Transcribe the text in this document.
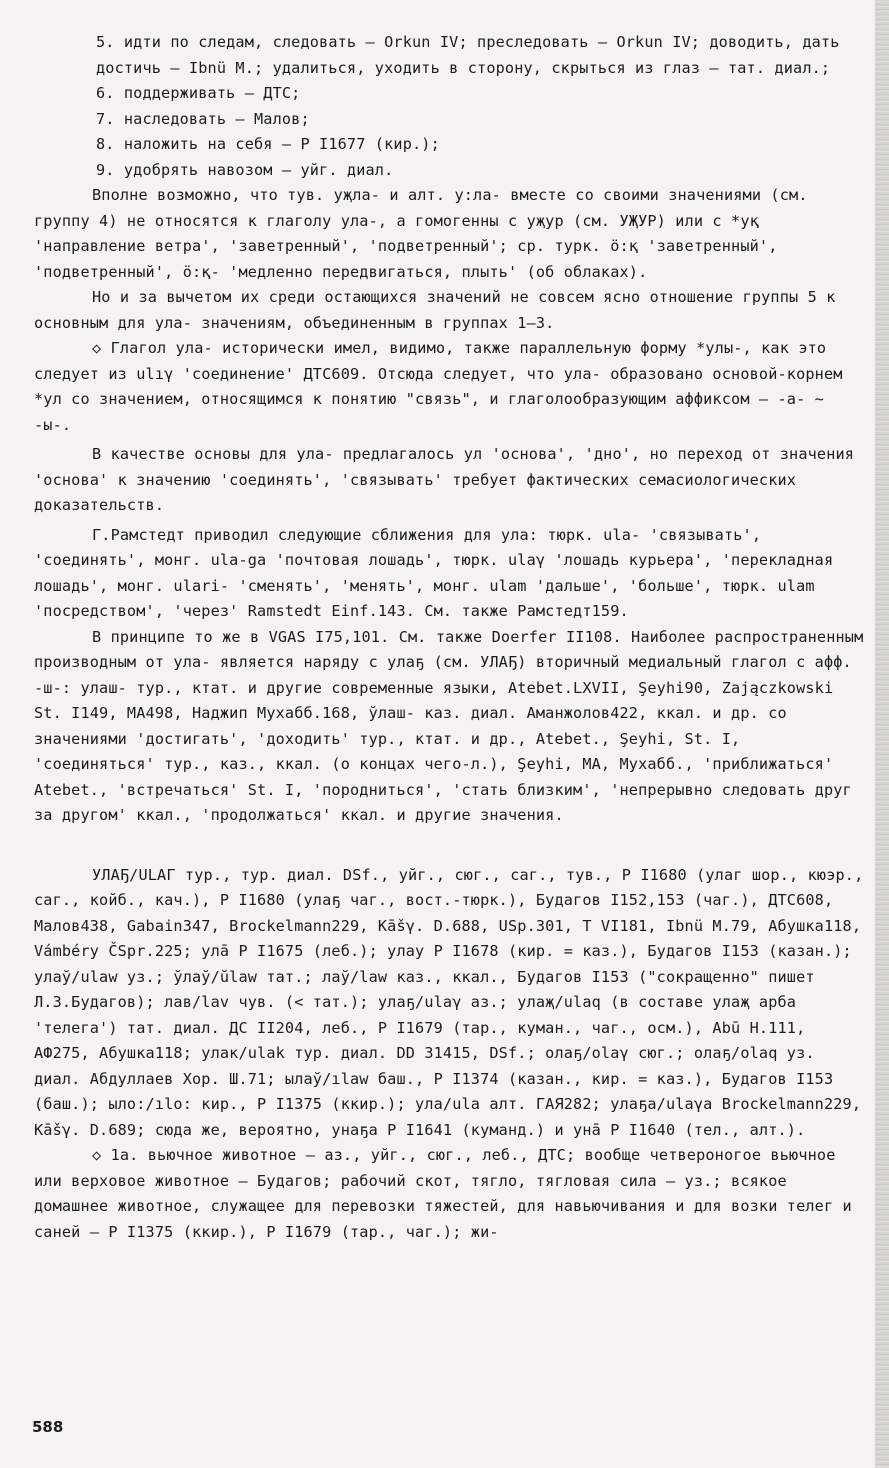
5. идти по следам, следовать – Orkun IV; преследовать – Orkun IV; доводить, дать достичь – Ibnü M.; удалиться, уходить в сторону, скрыться из глаз – тат. диал.;

6. поддерживать – ДТС;

7. наследовать – Малов;

8. наложить на себя – Р I1677 (кир.);

9. удобрять навозом – уйг. диал.

Вполне возможно, что тув. уҗла- и алт. у:ла- вместе со своими значениями (см. группу 4) не относятся к глаголу ула-, а гомогенны с уҗур (см. УҖУР) или с *уқ 'направление ветра', 'заветренный', 'подветренный'; ср. турк. ӧ:қ 'заветренный', 'подветренный', ӧ:қ- 'медленно передвигаться, плыть' (об облаках).

Но и за вычетом их среди остающихся значений не совсем ясно отношение группы 5 к основным для ула- значениям, объединенным в группах 1–3.

◇ Глагол ула- исторически имел, видимо, также параллельную форму *улы-, как это следует из ulıγ 'соединение' ДТС609. Отсюда следует, что ула- образовано основой-корнем *ул со значением, относящимся к понятию "связь", и глаголообразующим аффиксом – -а- ~ -ы-.

В качестве основы для ула- предлагалось ул 'основа', 'дно', но переход от значения 'основа' к значению 'соединять', 'связывать' требует фактических семасиологических доказательств.

Г.Рамстедт приводил следующие сближения для ула: тюрк. ula- 'связывать', 'соединять', монг. ula-ga 'почтовая лошадь', тюрк. ulaγ 'лошадь курьера', 'перекладная лошадь', монг. ulari- 'сменять', 'менять', монг. ulam 'дальше', 'больше', тюрк. ulam 'посредством', 'через' Ramstedt Einf.143. См. также Рамстедт159.

В принципе то же в VGAS I75,101. См. также Doerfer II108. Наиболее распространенным производным от ула- является наряду с улаҕ (см. УЛАҔ) вторичный медиальный глагол с афф. -ш-: улаш- тур., ктат. и другие современные языки, Atebet.LXVII, Şeyhi90, Zajączkowski St. I149, МА498, Наджип Мухабб.168, ўлаш- каз. диал. Аманжолов422, ккал. и др. со значениями 'достигать', 'доходить' тур., ктат. и др., Atebet., Şeyhi, St. I, 'соединяться' тур., каз., ккал. (о концах чего-л.), Şeyhi, МА, Мухабб., 'приближаться' Atebet., 'встречаться' St. I, 'породниться', 'стать близким', 'непрерывно следовать друг за другом' ккал., 'продолжаться' ккал. и другие значения.

УЛАҔ/ULAΓ тур., тур. диал. DSf., уйг., сюг., саг., тув., Р I1680 (улаг шор., кюэр., саг., койб., кач.), Р I1680 (улаҕ чаг., вост.-тюрк.), Будагов I152,153 (чаг.), ДТС608, Малов438, Gabain347, Brockelmann229, Kāšγ. D.688, USp.301, Т VI181, Ibnü M.79, Абушка118, Vámbéry ČSpr.225; улā Р I1675 (леб.); улау Р I1678 (кир. = каз.), Будагов I153 (казан.); улаў/ulaw уз.; ўлаў/ŭlaw тат.; лаў/law каз., ккал., Будагов I153 ("сокращенно" пишет Л.З.Будагов); лав/lav чув. (< тат.); улаҕ/ulaγ аз.; улаҗ/ulaq (в составе улаҗ арба 'телега') тат. диал. ДС II204, леб., Р I1679 (тар., куман., чаг., осм.), Abū H.111, АФ275, Абушка118; улак/ulak тур. диал. DD 31415, DSf.; олаҕ/olaγ сюг.; олаҕ/olaq уз. диал. Абдуллаев Хор. Ш.71; ылаў/ılaw баш., Р I1374 (казан., кир. = каз.), Будагов I153 (баш.); ыло:/ılo: кир., Р I1375 (ккир.); ула/ula алт. ГАЯ282; улаҕа/ulaγa Brockelmann229, Kāšγ. D.689; сюда же, вероятно, унаҕа Р I1641 (куманд.) и унā Р I1640 (тел., алт.).

◇ 1а. вьючное животное – аз., уйг., сюг., леб., ДТС; вообще четвероногое вьючное или верховое животное – Будагов; рабочий скот, тягло, тягловая сила – уз.; всякое домашнее животное, служащее для перевозки тяжестей, для навьючивания и для возки телег и саней – Р I1375 (ккир.), Р I1679 (тар., чаг.); жи-

588
